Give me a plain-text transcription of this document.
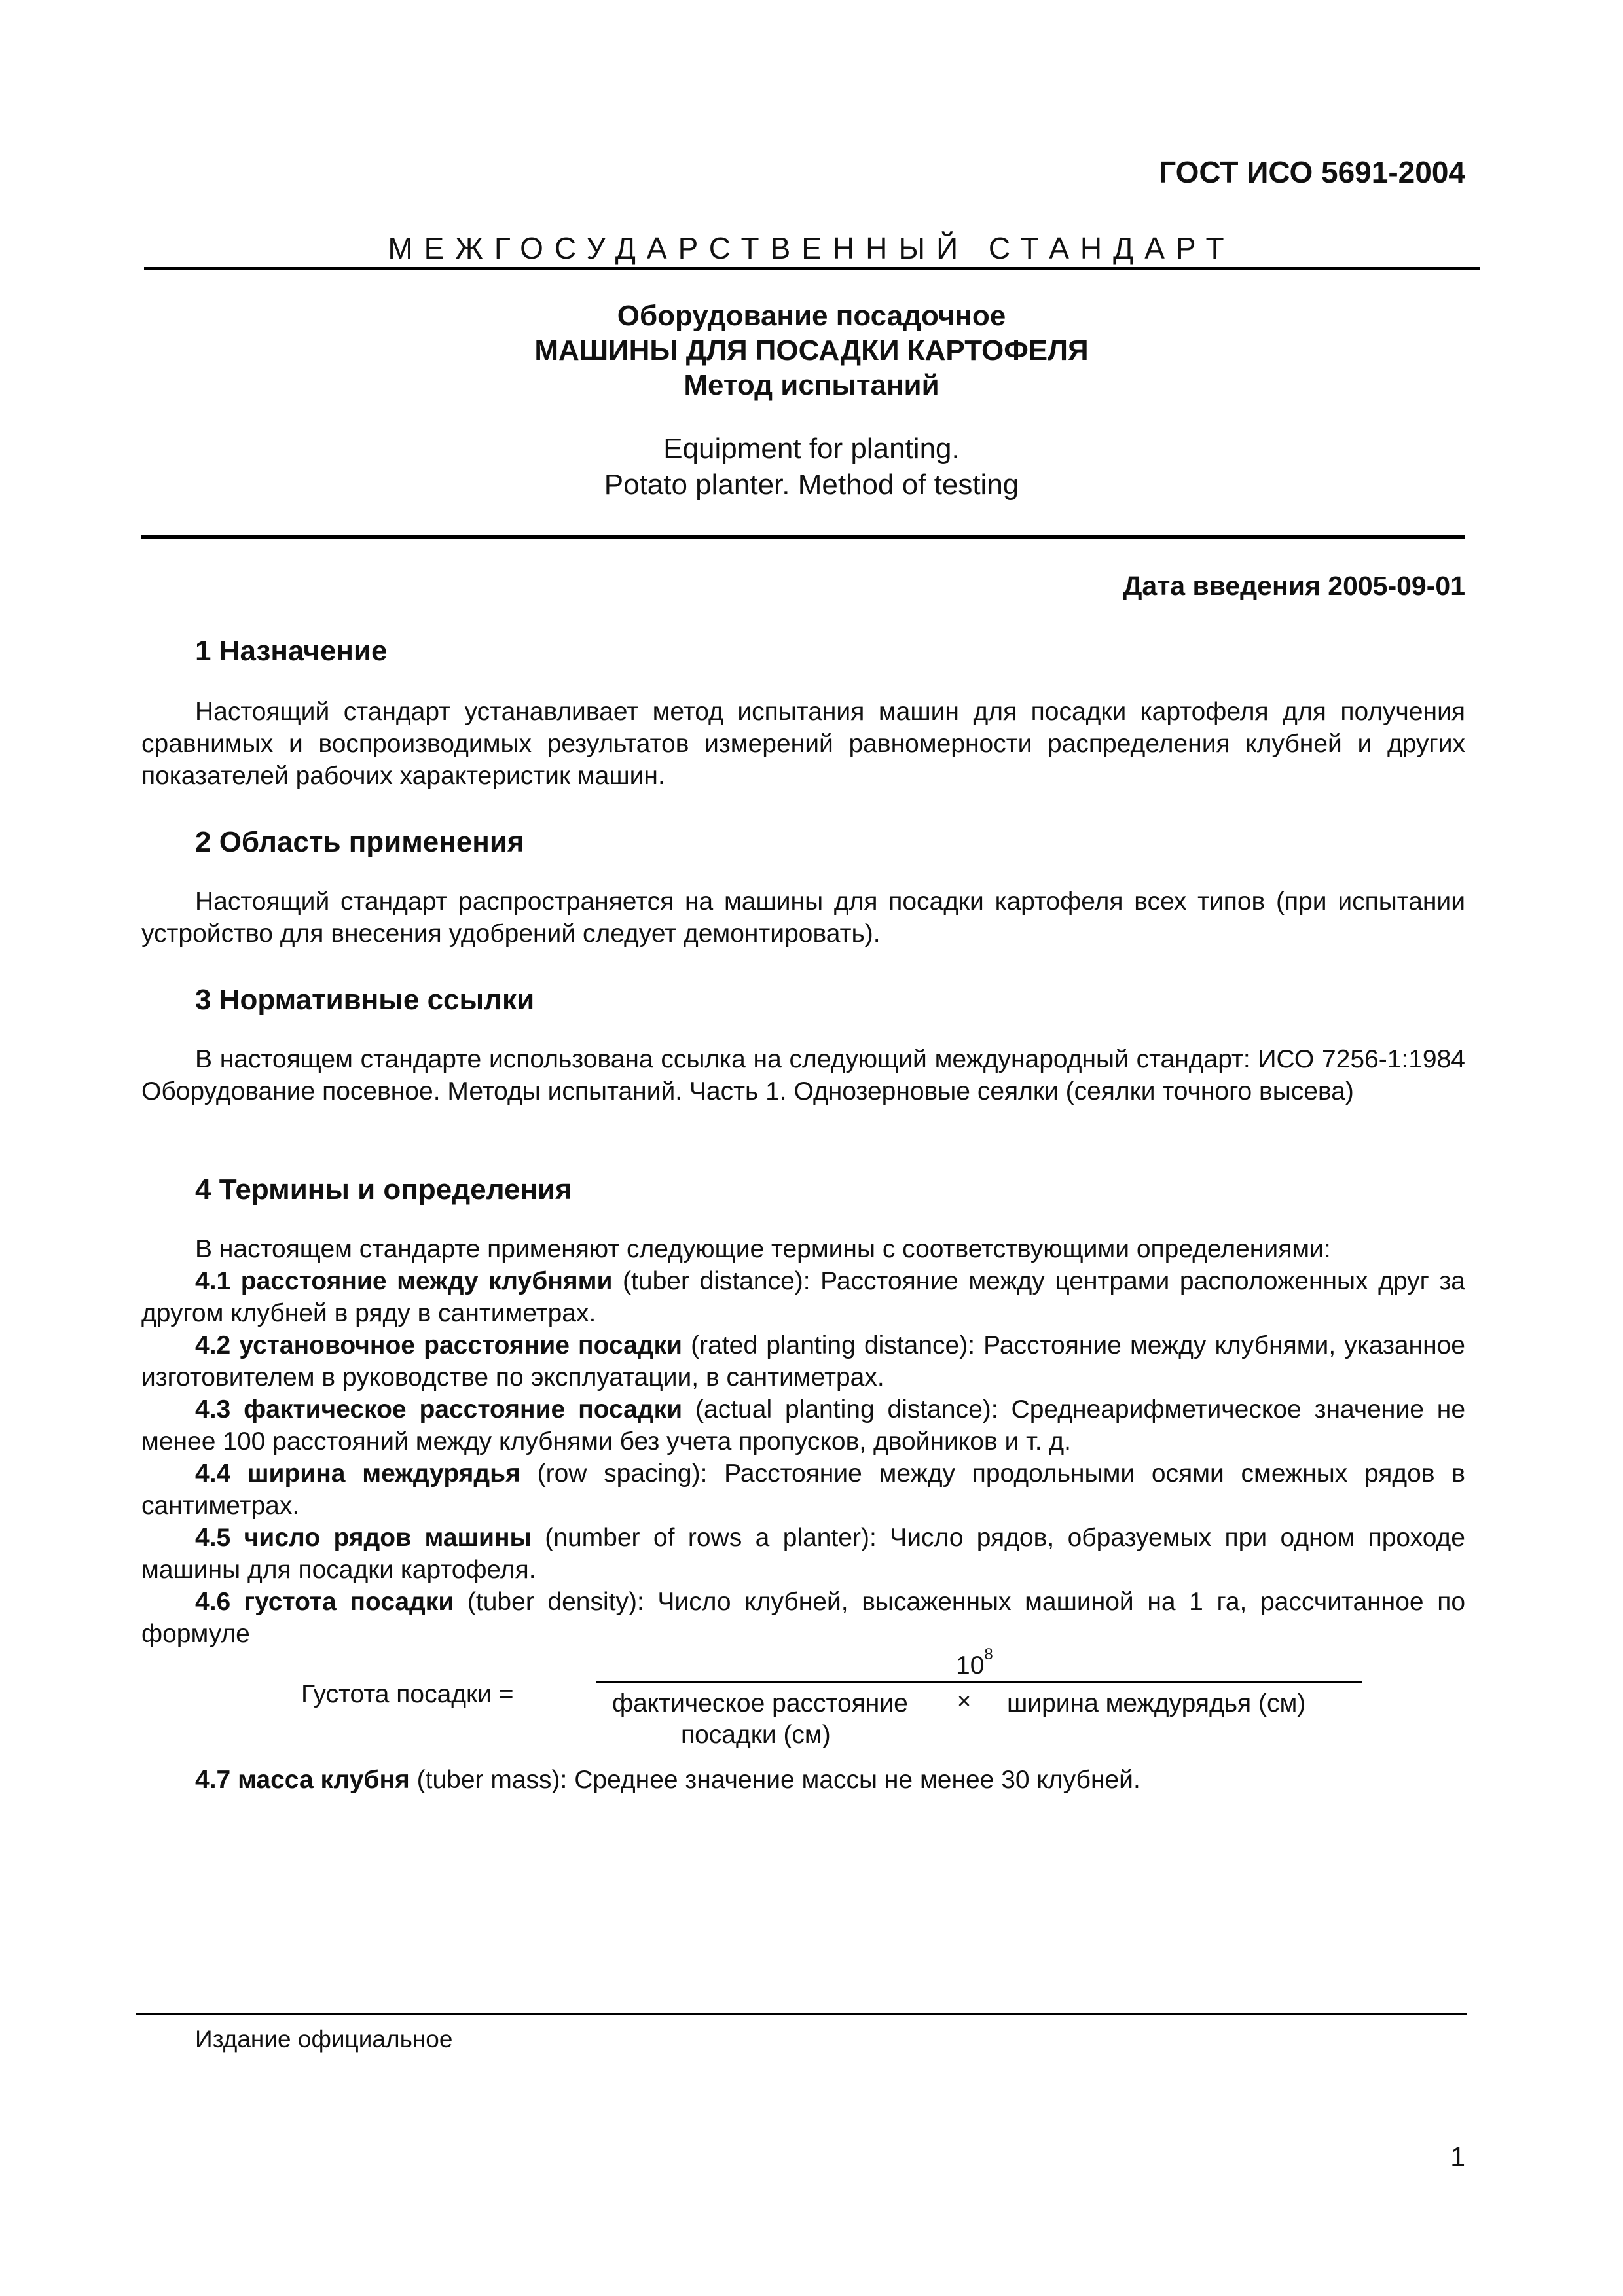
ГОСТ ИСО 5691-2004
МЕЖГОСУДАРСТВЕННЫЙ СТАНДАРТ
Оборудование посадочное
МАШИНЫ ДЛЯ ПОСАДКИ КАРТОФЕЛЯ
Метод испытаний
Equipment for planting.
Potato planter. Method of testing
Дата введения 2005-09-01
1 Назначение

Настоящий стандарт устанавливает метод испытания машин для посадки картофеля для получения сравнимых и воспроизводимых результатов измерений равномерности распределения клубней и других показателей рабочих характеристик машин.

2 Область применения

Настоящий стандарт распространяется на машины для посадки картофеля всех типов (при испытании устройство для внесения удобрений следует демонтировать).

3 Нормативные ссылки

В настоящем стандарте использована ссылка на следующий международный стандарт: ИСО 7256-1:1984 Оборудование посевное. Методы испытаний. Часть 1. Однозерновые сеялки (сеялки точного высева)

4 Термины и определения

В настоящем стандарте применяют следующие термины с соответствующими определениями:

4.1 расстояние между клубнями (tuber distance): Расстояние между центрами расположенных друг за другом клубней в ряду в сантиметрах.

4.2 установочное расстояние посадки (rated planting distance): Расстояние между клубнями, указанное изготовителем в руководстве по эксплуатации, в сантиметрах.

4.3 фактическое расстояние посадки (actual planting distance): Среднеарифметическое значение не менее 100 расстояний между клубнями без учета пропусков, двойников и т. д.

4.4 ширина междурядья (row spacing): Расстояние между продольными осями смежных рядов в сантиметрах.

4.5 число рядов машины (number of rows a planter): Число рядов, образуемых при одном проходе машины для посадки картофеля.

4.6 густота посадки (tuber density): Число клубней, высаженных машиной на 1 га, рассчитанное по формуле

Густота посадки =
$10^8$
фактическое расстояние
посадки (см)
× ширина междурядья (см)

4.7 масса клубня (tuber mass): Среднее значение массы не менее 30 клубней.

Издание официальное
1
